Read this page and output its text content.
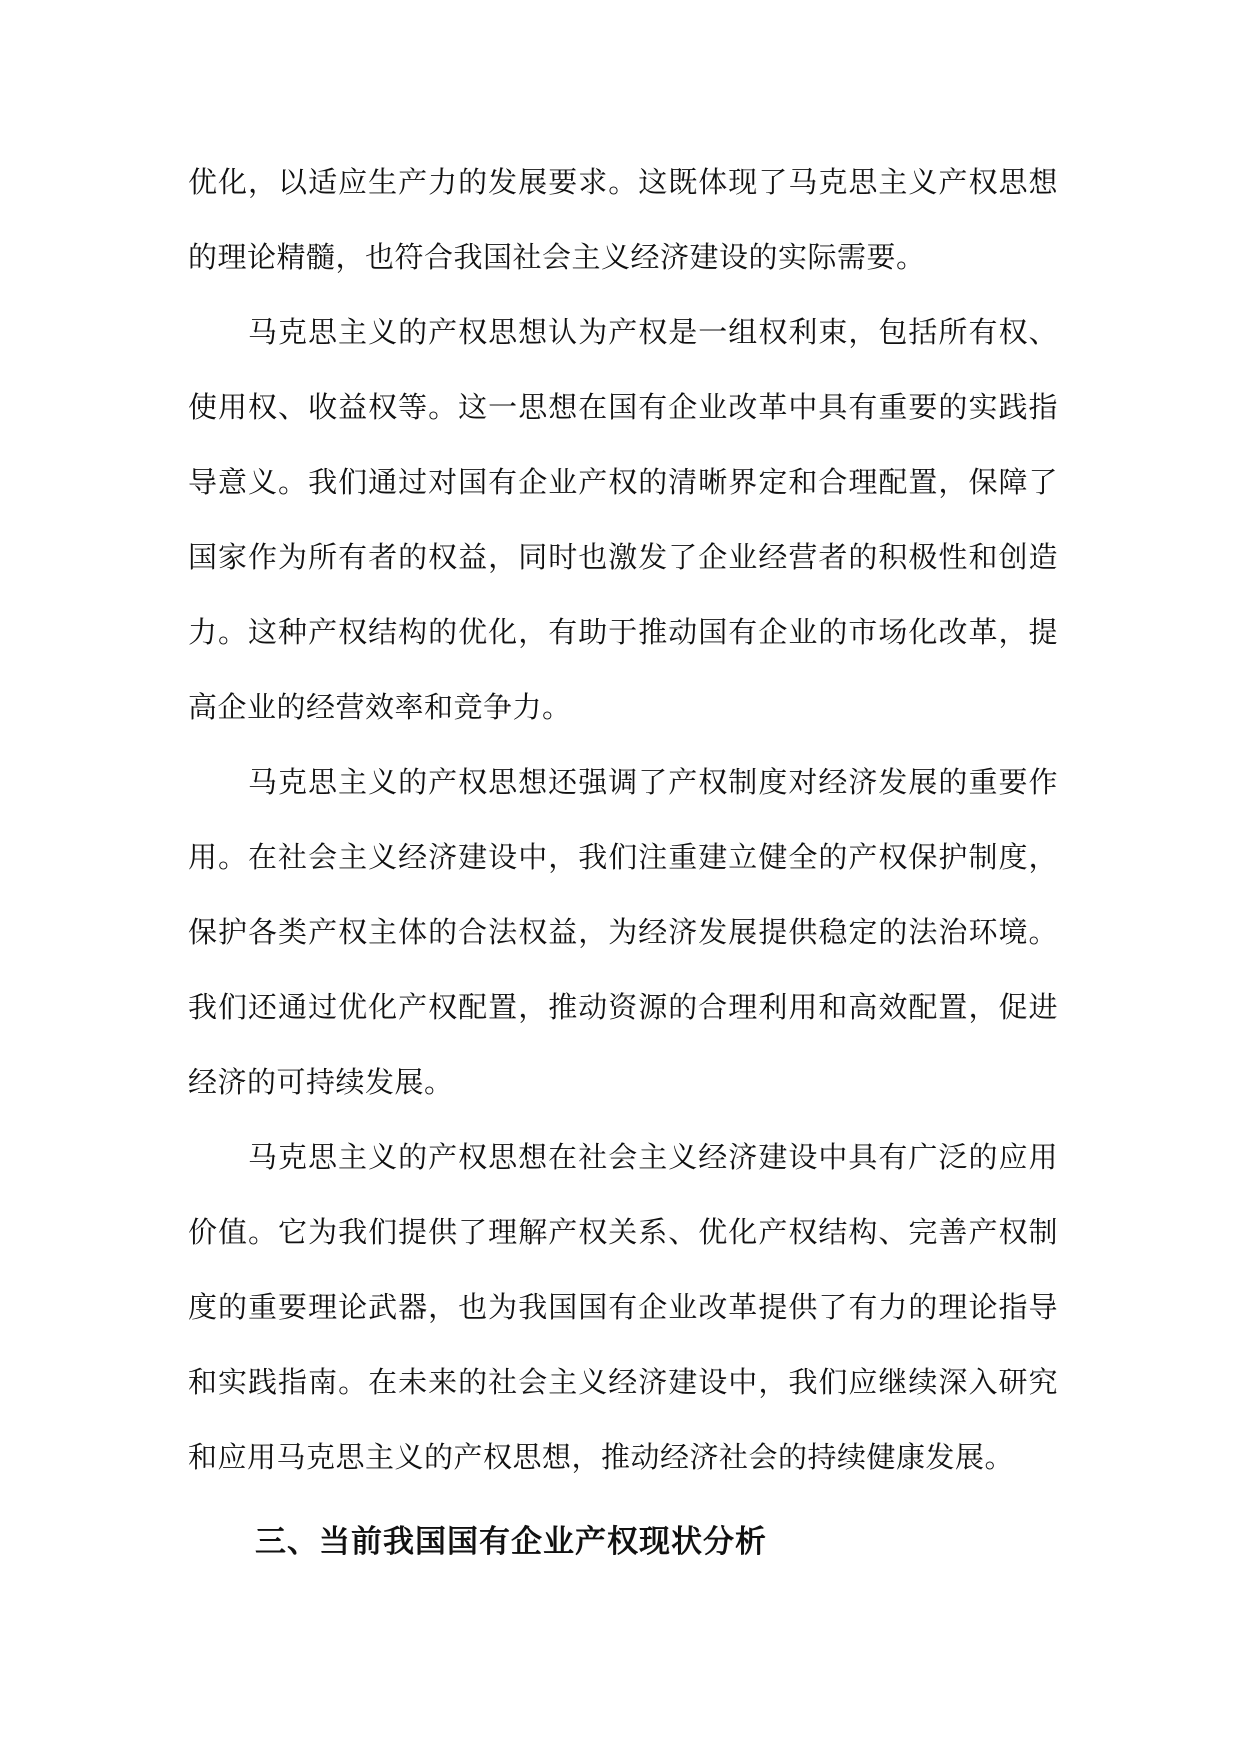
优化，以适应生产力的发展要求。这既体现了马克思主义产权思想的理论精髓，也符合我国社会主义经济建设的实际需要。

马克思主义的产权思想认为产权是一组权利束，包括所有权、使用权、收益权等。这一思想在国有企业改革中具有重要的实践指导意义。我们通过对国有企业产权的清晰界定和合理配置，保障了国家作为所有者的权益，同时也激发了企业经营者的积极性和创造力。这种产权结构的优化，有助于推动国有企业的市场化改革，提高企业的经营效率和竞争力。

马克思主义的产权思想还强调了产权制度对经济发展的重要作用。在社会主义经济建设中，我们注重建立健全的产权保护制度，保护各类产权主体的合法权益，为经济发展提供稳定的法治环境。我们还通过优化产权配置，推动资源的合理利用和高效配置，促进经济的可持续发展。

马克思主义的产权思想在社会主义经济建设中具有广泛的应用价值。它为我们提供了理解产权关系、优化产权结构、完善产权制度的重要理论武器，也为我国国有企业改革提供了有力的理论指导和实践指南。在未来的社会主义经济建设中，我们应继续深入研究和应用马克思主义的产权思想，推动经济社会的持续健康发展。

三、当前我国国有企业产权现状分析
